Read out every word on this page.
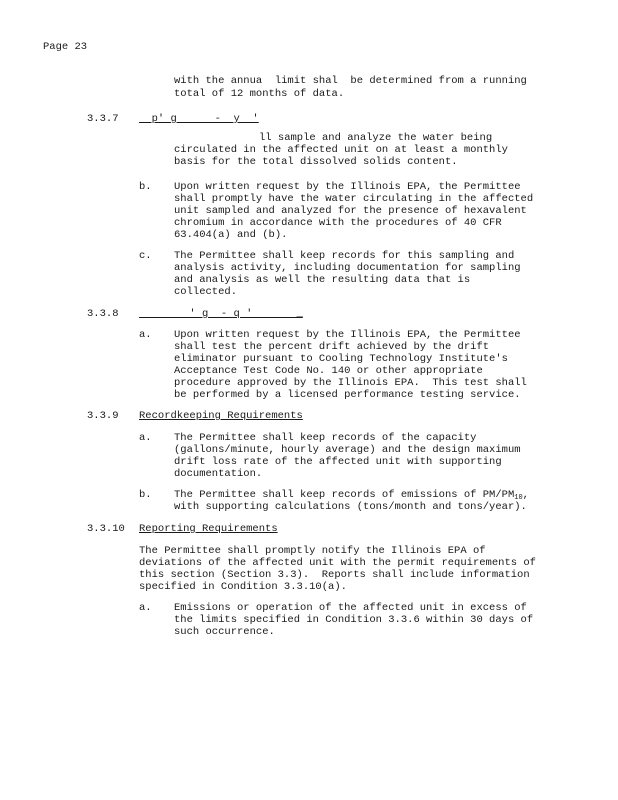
Page 23
with the annua  limit shal  be determined from a running
total of 12 months of data.
3.3.7 p' g      -  y  '
ll sample and analyze the water being
circulated in the affected unit on at least a monthly
basis for the total dissolved solids content.
b. Upon written request by the Illinois EPA, the Permittee
shall promptly have the water circulating in the affected
unit sampled and analyzed for the presence of hexavalent
chromium in accordance with the procedures of 40 CFR
63.404(a) and (b).
c. The Permittee shall keep records for this sampling and
analysis activity, including documentation for sampling
and analysis as well the resulting data that is
collected.
3.3.8 ' g  - q '       _
a. Upon written request by the Illinois EPA, the Permittee
shall test the percent drift achieved by the drift
eliminator pursuant to Cooling Technology Institute's
Acceptance Test Code No. 140 or other appropriate
procedure approved by the Illinois EPA.  This test shall
be performed by a licensed performance testing service.
3.3.9 Recordkeeping Requirements
a. The Permittee shall keep records of the capacity
(gallons/minute, hourly average) and the design maximum
drift loss rate of the affected unit with supporting
documentation.
b. The Permittee shall keep records of emissions of $PM/PM_{10}$,
with supporting calculations (tons/month and tons/year).
3.3.10 Reporting Requirements
The Permittee shall promptly notify the Illinois EPA of
deviations of the affected unit with the permit requirements of
this section (Section 3.3).  Reports shall include information
specified in Condition 3.3.10(a).
a. Emissions or operation of the affected unit in excess of
the limits specified in Condition 3.3.6 within 30 days of
such occurrence.
